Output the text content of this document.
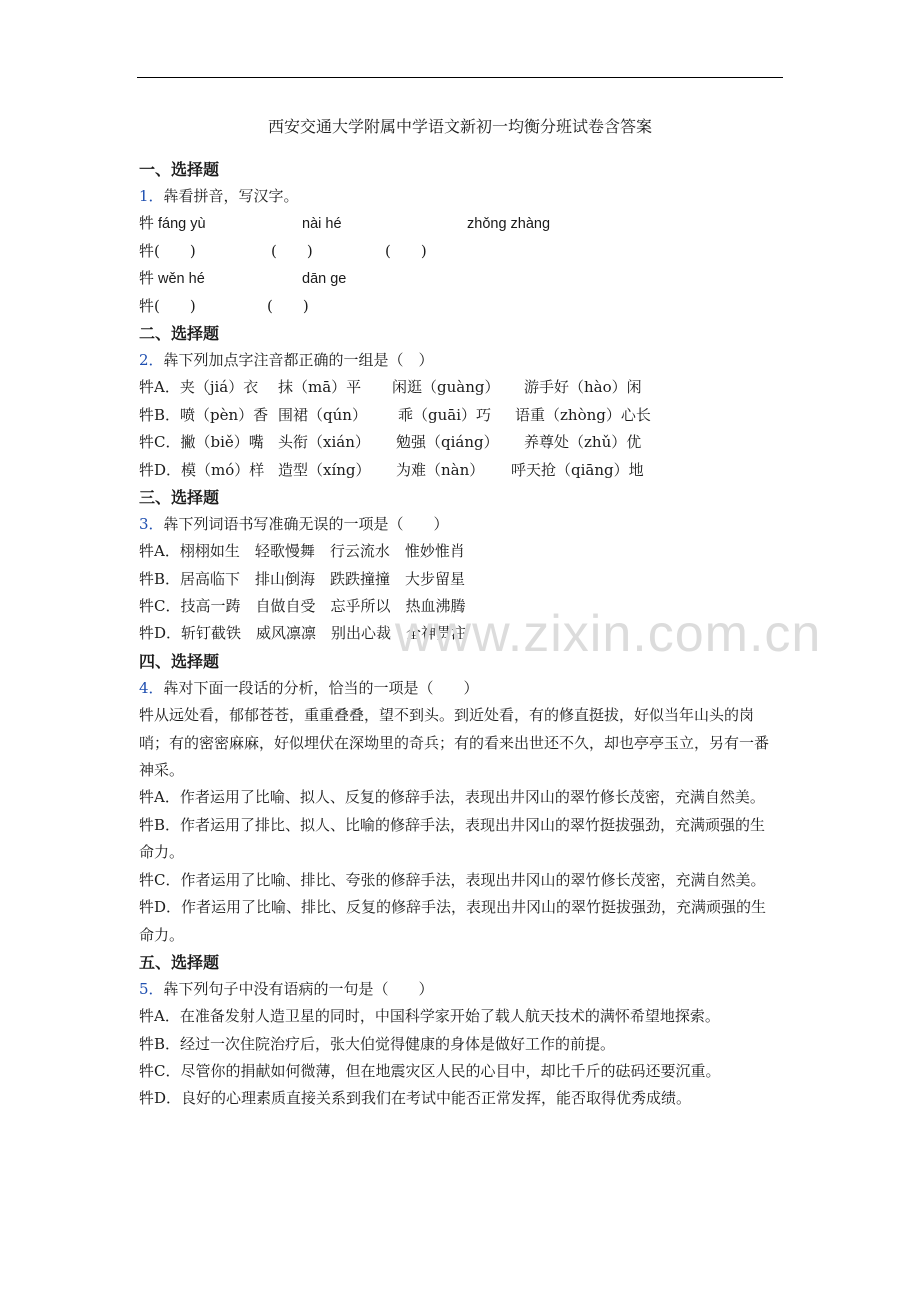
西安交通大学附属中学语文新初一均衡分班试卷含答案
一、选择题
1．犇看拼音，写汉字。
牪 fáng yù	nài hé	zhǒng zhàng
牪(　　)	(　　)	(　　)
牪 wěn hé	dān ge
牪(　　)	(　　)
二、选择题
2．犇下列加点字注音都正确的一组是（　）
牪A．夹（jiá）衣 抹（mā）平 闲逛（guàng） 游手好（hào）闲
牪B．喷（pèn）香 围裙（qún） 乖（guāi）巧 语重（zhòng）心长
牪C．撇（biě）嘴 头衔（xián） 勉强（qiáng） 养尊处（zhǔ）优
牪D．模（mó）样 造型（xíng） 为难（nàn） 呼天抢（qiāng）地
三、选择题
3．犇下列词语书写准确无误的一项是（　　）
牪A．栩栩如生　轻歌慢舞　行云流水　惟妙惟肖
牪B．居高临下　排山倒海　跌跌撞撞　大步留星
牪C．技高一踌　自做自受　忘乎所以　热血沸腾
牪D．斩钉截铁　威风凛凛　别出心裁　全神贯注
四、选择题
4．犇对下面一段话的分析，恰当的一项是（　　）
牪从远处看，郁郁苍苍，重重叠叠，望不到头。到近处看，有的修直挺拔，好似当年山头的岗哨；有的密密麻麻，好似埋伏在深坳里的奇兵；有的看来出世还不久，却也亭亭玉立，另有一番神采。
牪A．作者运用了比喻、拟人、反复的修辞手法，表现出井冈山的翠竹修长茂密，充满自然美。
牪B．作者运用了排比、拟人、比喻的修辞手法，表现出井冈山的翠竹挺拔强劲，充满顽强的生命力。
牪C．作者运用了比喻、排比、夸张的修辞手法，表现出井冈山的翠竹修长茂密，充满自然美。
牪D．作者运用了比喻、排比、反复的修辞手法，表现出井冈山的翠竹挺拔强劲，充满顽强的生命力。
五、选择题
5．犇下列句子中没有语病的一句是（　　）
牪A．在准备发射人造卫星的同时，中国科学家开始了载人航天技术的满怀希望地探索。
牪B．经过一次住院治疗后，张大伯觉得健康的身体是做好工作的前提。
牪C．尽管你的捐献如何微薄，但在地震灾区人民的心目中，却比千斤的砝码还要沉重。
牪D．良好的心理素质直接关系到我们在考试中能否正常发挥，能否取得优秀成绩。
www.zixin.com.cn
